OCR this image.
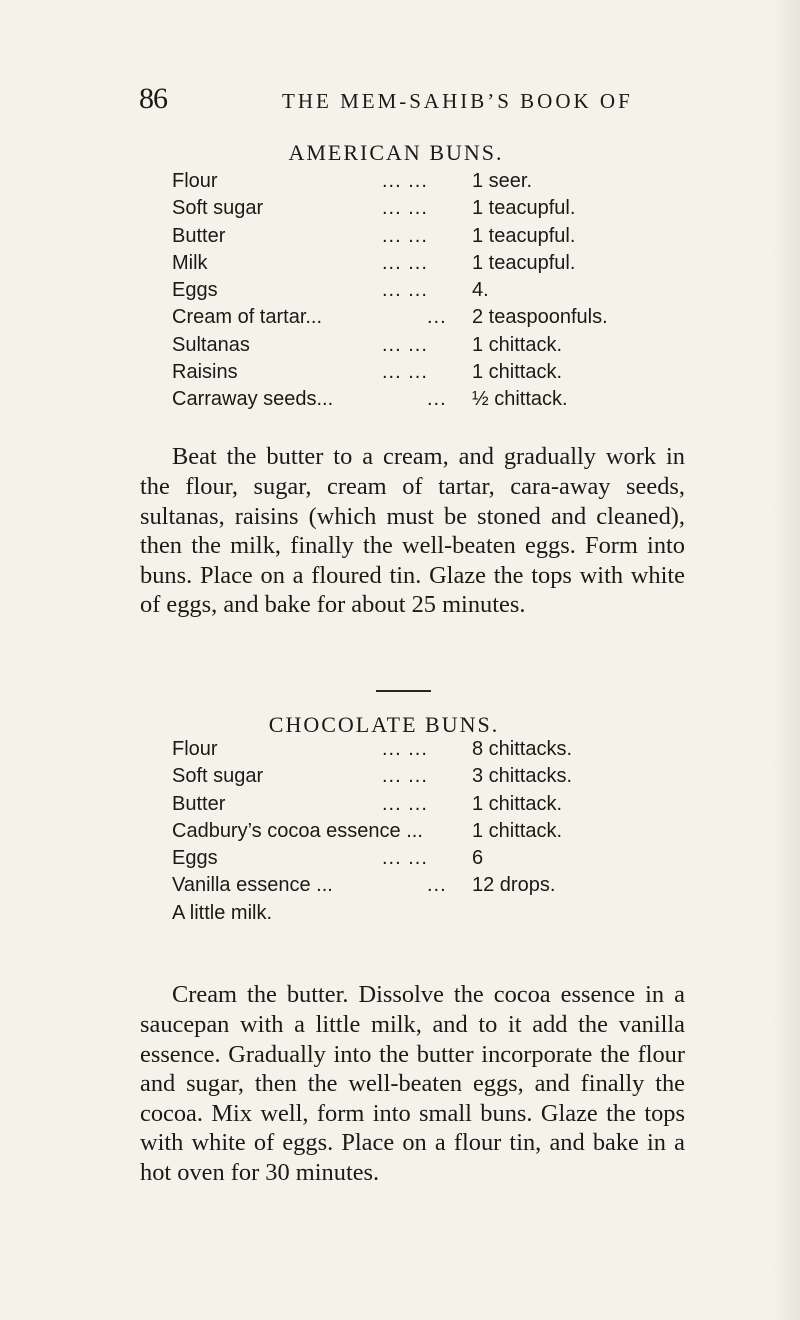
86	THE MEM-SAHIB’S BOOK OF
AMERICAN BUNS.
Flour	... ... 1 seer.
Soft sugar	... ... 1 teacupful.
Butter	... ... 1 teacupful.
Milk	... ... 1 teacupful.
Eggs	... ... 4.
Cream of tartar...	... 2 teaspoonfuls.
Sultanas	... ... 1 chittack.
Raisins	... ... 1 chittack.
Carraway seeds...	... ½ chittack.

Beat the butter to a cream, and gradually work in the flour, sugar, cream of tartar, cara-away seeds, sultanas, raisins (which must be stoned and cleaned), then the milk, finally the well-beaten eggs. Form into buns. Place on a floured tin. Glaze the tops with white of eggs, and bake for about 25 minutes.

CHOCOLATE BUNS.
Flour	... ... 8 chittacks.
Soft sugar	... ... 3 chittacks.
Butter	... ... 1 chittack.
Cadbury’s cocoa essence ... 1 chittack.
Eggs	... ... 6
Vanilla essence ...	... 12 drops.
A little milk.

Cream the butter. Dissolve the cocoa essence in a saucepan with a little milk, and to it add the vanilla essence. Gradually into the butter incorporate the flour and sugar, then the well-beaten eggs, and finally the cocoa. Mix well, form into small buns. Glaze the tops with white of eggs. Place on a flour tin, and bake in a hot oven for 30 minutes.
